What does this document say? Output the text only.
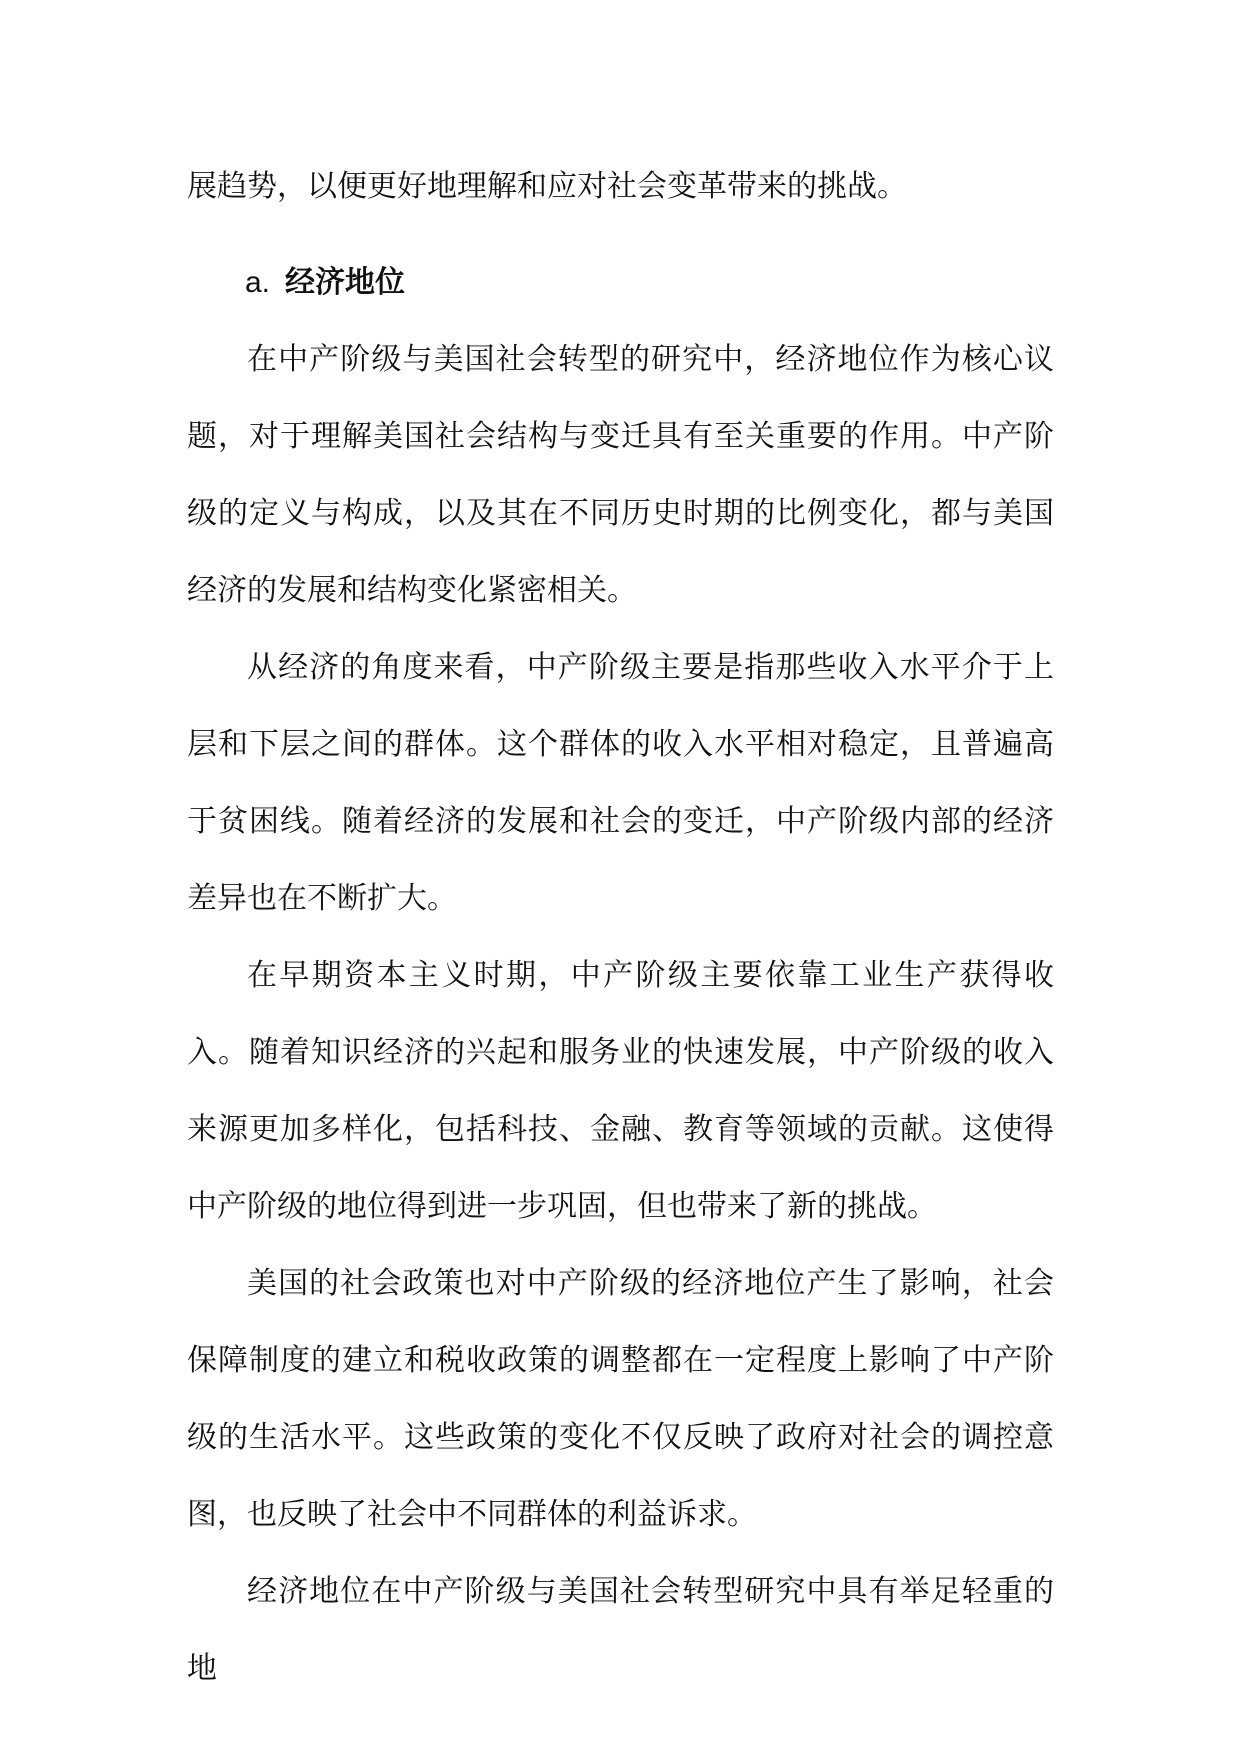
展趋势，以便更好地理解和应对社会变革带来的挑战。

a. 经济地位

在中产阶级与美国社会转型的研究中，经济地位作为核心议题，对于理解美国社会结构与变迁具有至关重要的作用。中产阶级的定义与构成，以及其在不同历史时期的比例变化，都与美国经济的发展和结构变化紧密相关。

从经济的角度来看，中产阶级主要是指那些收入水平介于上层和下层之间的群体。这个群体的收入水平相对稳定，且普遍高于贫困线。随着经济的发展和社会的变迁，中产阶级内部的经济差异也在不断扩大。

在早期资本主义时期，中产阶级主要依靠工业生产获得收入。随着知识经济的兴起和服务业的快速发展，中产阶级的收入来源更加多样化，包括科技、金融、教育等领域的贡献。这使得中产阶级的地位得到进一步巩固，但也带来了新的挑战。

美国的社会政策也对中产阶级的经济地位产生了影响，社会保障制度的建立和税收政策的调整都在一定程度上影响了中产阶级的生活水平。这些政策的变化不仅反映了政府对社会的调控意图，也反映了社会中不同群体的利益诉求。

经济地位在中产阶级与美国社会转型研究中具有举足轻重的地
